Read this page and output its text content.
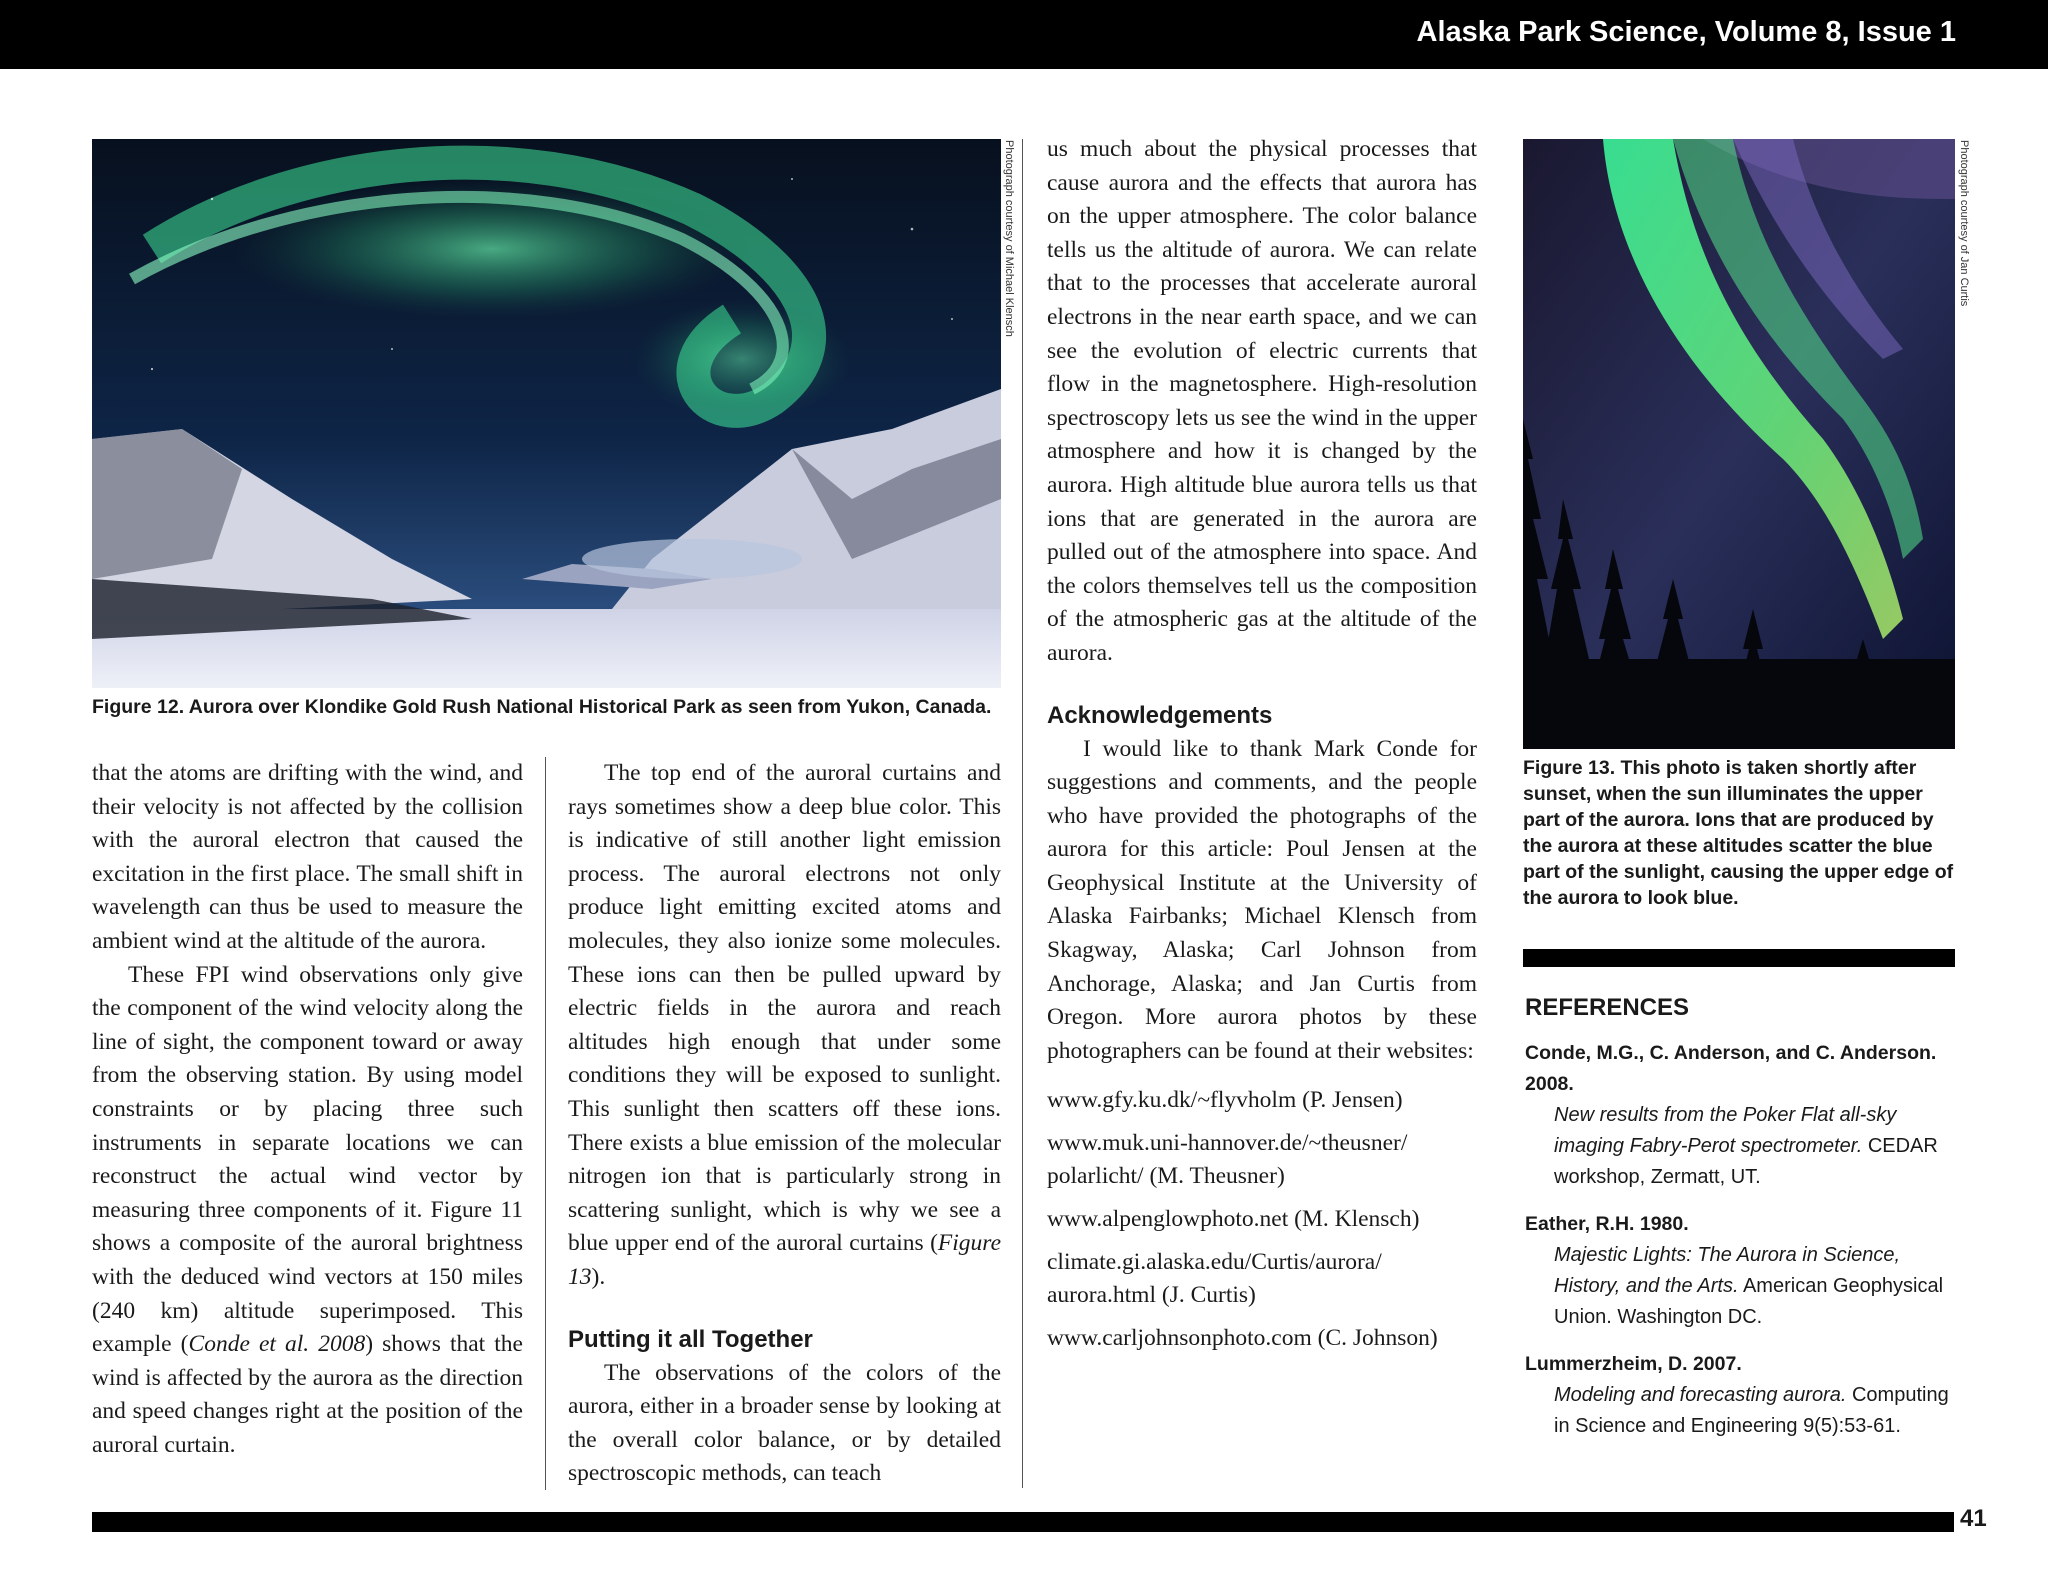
Alaska Park Science, Volume 8, Issue 1
Photograph courtesy of Michael Klensch
Figure 12. Aurora over Klondike Gold Rush National Historical Park as seen from Yukon, Canada.

that the atoms are drifting with the wind, and their velocity is not affected by the collision with the auroral electron that caused the excitation in the first place. The small shift in wavelength can thus be used to measure the ambient wind at the altitude of the aurora.

These FPI wind observations only give the component of the wind velocity along the line of sight, the component toward or away from the observing station. By using model constraints or by placing three such instruments in separate locations we can reconstruct the actual wind vector by measuring three components of it. Figure 11 shows a composite of the auroral brightness with the deduced wind vectors at 150 miles (240 km) altitude superimposed. This example (Conde et al. 2008) shows that the wind is affected by the aurora as the direction and speed changes right at the position of the auroral curtain.

The top end of the auroral curtains and rays sometimes show a deep blue color. This is indicative of still another light emission process. The auroral electrons not only produce light emitting excited atoms and molecules, they also ionize some molecules. These ions can then be pulled upward by electric fields in the aurora and reach altitudes high enough that under some conditions they will be exposed to sunlight. This sunlight then scatters off these ions. There exists a blue emission of the molecular nitrogen ion that is particularly strong in scattering sunlight, which is why we see a blue upper end of the auroral curtains (Figure 13).

Putting it all Together

The observations of the colors of the aurora, either in a broader sense by looking at the overall color balance, or by detailed spectroscopic methods, can teach

us much about the physical processes that cause aurora and the effects that aurora has on the upper atmosphere. The color balance tells us the altitude of aurora. We can relate that to the processes that accelerate auroral electrons in the near earth space, and we can see the evolution of electric currents that flow in the magnetosphere. High-resolution spectroscopy lets us see the wind in the upper atmosphere and how it is changed by the aurora. High altitude blue aurora tells us that ions that are generated in the aurora are pulled out of the atmosphere into space. And the colors themselves tell us the composition of the atmospheric gas at the altitude of the aurora.

Acknowledgements

I would like to thank Mark Conde for suggestions and comments, and the people who have provided the photographs of the aurora for this article: Poul Jensen at the Geophysical Institute at the University of Alaska Fairbanks; Michael Klensch from Skagway, Alaska; Carl Johnson from Anchorage, Alaska; and Jan Curtis from Oregon. More aurora photos by these photographers can be found at their websites:

www.gfy.ku.dk/~flyvholm (P. Jensen)

www.muk.uni-hannover.de/~theusner/ polarlicht/ (M. Theusner)

www.alpenglowphoto.net (M. Klensch)

climate.gi.alaska.edu/Curtis/aurora/ aurora.html (J. Curtis)

www.carljohnsonphoto.com (C. Johnson)

Photograph courtesy of Jan Curtis
Figure 13. This photo is taken shortly after sunset, when the sun illuminates the upper part of the aurora. Ions that are produced by the aurora at these altitudes scatter the blue part of the sunlight, causing the upper edge of the aurora to look blue.

REFERENCES

Conde, M.G., C. Anderson, and C. Anderson. 2008.

New results from the Poker Flat all-sky imaging Fabry-Perot spectrometer. CEDAR workshop, Zermatt, UT.

Eather, R.H. 1980.

Majestic Lights: The Aurora in Science, History, and the Arts. American Geophysical Union. Washington DC.

Lummerzheim, D. 2007.

Modeling and forecasting aurora. Computing in Science and Engineering 9(5):53-61.

41
